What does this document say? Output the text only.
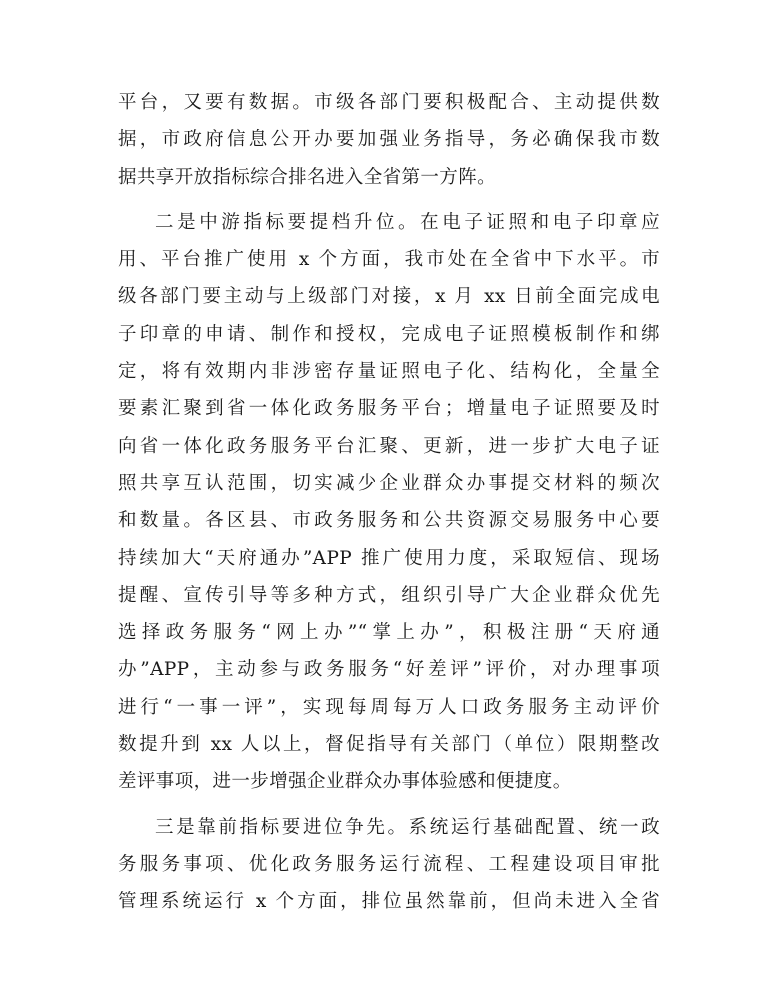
平台，又要有数据。市级各部门要积极配合、主动提供数
据，市政府信息公开办要加强业务指导，务必确保我市数
据共享开放指标综合排名进入全省第一方阵。

二是中游指标要提档升位。在电子证照和电子印章应
用、平台推广使用 x 个方面，我市处在全省中下水平。市
级各部门要主动与上级部门对接，x 月 xx 日前全面完成电
子印章的申请、制作和授权，完成电子证照模板制作和绑
定，将有效期内非涉密存量证照电子化、结构化，全量全
要素汇聚到省一体化政务服务平台；增量电子证照要及时
向省一体化政务服务平台汇聚、更新，进一步扩大电子证
照共享互认范围，切实减少企业群众办事提交材料的频次
和数量。各区县、市政务服务和公共资源交易服务中心要
持续加大“天府通办”APP 推广使用力度，采取短信、现场
提醒、宣传引导等多种方式，组织引导广大企业群众优先
选择政务服务“网上办”“掌上办”，积极注册“天府通
办”APP，主动参与政务服务“好差评”评价，对办理事项
进行“一事一评”，实现每周每万人口政务服务主动评价
数提升到 xx 人以上，督促指导有关部门（单位）限期整改
差评事项，进一步增强企业群众办事体验感和便捷度。

三是靠前指标要进位争先。系统运行基础配置、统一政
务服务事项、优化政务服务运行流程、工程建设项目审批
管理系统运行 x 个方面，排位虽然靠前，但尚未进入全省
